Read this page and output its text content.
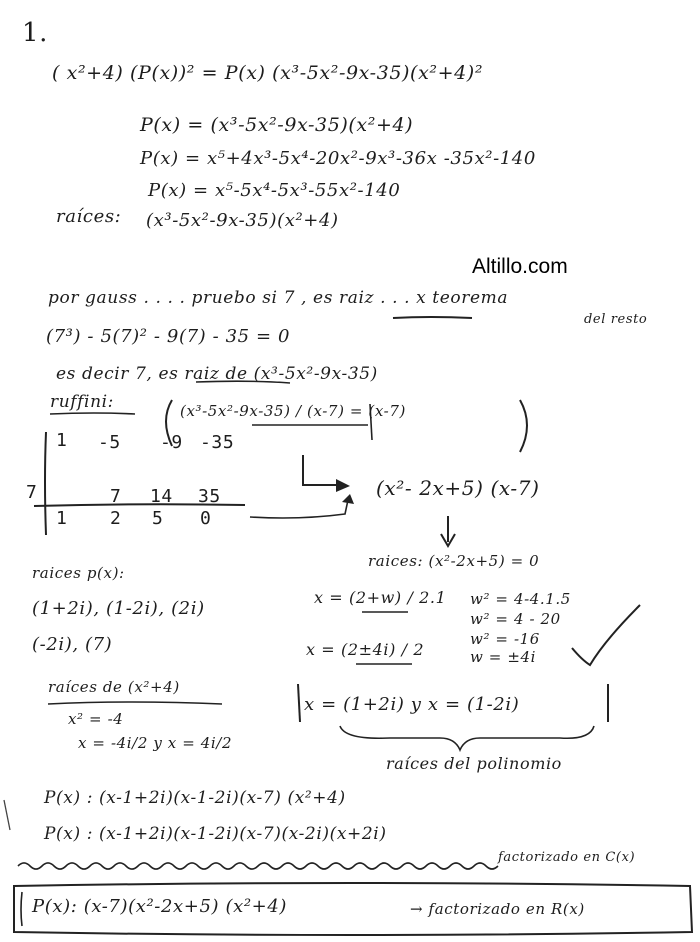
Altillo.com
1.
( x²+4) (P(x))² = P(x) (x³-5x²-9x-35)(x²+4)²
P(x) = (x³-5x²-9x-35)(x²+4)
P(x) = x⁵+4x³-5x⁴-20x²-9x³-36x -35x²-140
P(x) = x⁵-5x⁴-5x³-55x²-140
raíces: (x³-5x²-9x-35)(x²+4)
por gauss . . . . pruebo si 7 , es raiz . . . x teorema
del resto
(7³) - 5(7)² - 9(7) - 35 = 0
es decir 7, es raiz de (x³-5x²-9x-35)
ruffini:	(x³-5x²-9x-35) / (x-7) = (x-7)
1 -5 -9 -35
7	7 14 35
1 2 5 0
(x²- 2x+5) (x-7)
raices: (x²-2x+5) = 0
x = (2+w) / 2.1
x = (2±4i) / 2
w² = 4-4.1.5
w² = 4 - 20
w² = -16
w = ±4i
x = (1+2i) y x = (1-2i)
raíces del polinomio
raices p(x):
(1+2i), (1-2i), (2i)
(-2i), (7)
raíces de (x²+4)
x² = -4
x = -4i/2 y x = 4i/2
P(x) : (x-1+2i)(x-1-2i)(x-7) (x²+4)
P(x) : (x-1+2i)(x-1-2i)(x-7)(x-2i)(x+2i)
factorizado en C(x)
P(x): (x-7)(x²-2x+5) (x²+4)	→ factorizado en R(x)
